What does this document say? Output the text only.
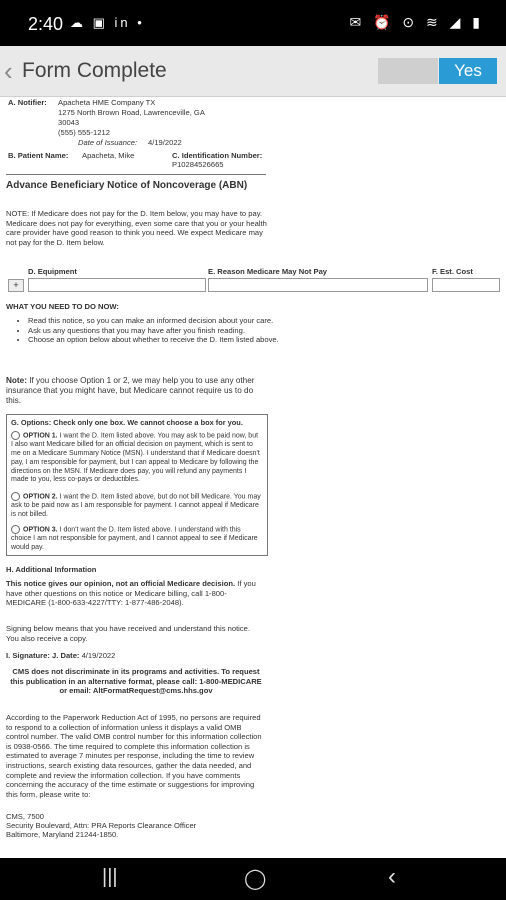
2:40 ☁ ▣ in •	✉ ⏰ ⊙ ≋ ◢ ▮
‹ Form Complete	Yes
A. Notifier: Apacheta HME Company TX
1275 North Brown Road, Lawrenceville, GA
30043
(555) 555-1212
Date of Issuance: 4/19/2022
B. Patient Name: Apacheta, Mike	C. Identification Number:
P10284526665
Advance Beneficiary Notice of Noncoverage (ABN)
NOTE: If Medicare does not pay for the D. Item below, you may have to pay. Medicare does not pay for everything, even some care that you or your health care provider have good reason to think you need. We expect Medicare may not pay for the D. Item below.
D. Equipment	E. Reason Medicare May Not Pay	F. Est. Cost
+
WHAT YOU NEED TO DO NOW:
• Read this notice, so you can make an informed decision about your care.
• Ask us any questions that you may have after you finish reading.
• Choose an option below about whether to receive the D. Item listed above.
Note: If you choose Option 1 or 2, we may help you to use any other insurance that you might have, but Medicare cannot require us to do this.
G. Options: Check only one box. We cannot choose a box for you.
OPTION 1. I want the D. Item listed above. You may ask to be paid now, but I also want Medicare billed for an official decision on payment, which is sent to me on a Medicare Summary Notice (MSN). I understand that if Medicare doesn't pay, I am responsible for payment, but I can appeal to Medicare by following the directions on the MSN. If Medicare does pay, you will refund any payments I made to you, less co-pays or deductibles.
OPTION 2. I want the D. Item listed above, but do not bill Medicare. You may ask to be paid now as I am responsible for payment. I cannot appeal if Medicare is not billed.
OPTION 3. I don't want the D. Item listed above. I understand with this choice I am not responsible for payment, and I cannot appeal to see if Medicare would pay.
H. Additional Information
This notice gives our opinion, not an official Medicare decision. If you have other questions on this notice or Medicare billing, call 1-800-MEDICARE (1-800-633-4227/TTY: 1-877-486-2048).
Signing below means that you have received and understand this notice. You also receive a copy.
I. Signature: J. Date: 4/19/2022
CMS does not discriminate in its programs and activities. To request this publication in an alternative format, please call: 1-800-MEDICARE or email: AltFormatRequest@cms.hhs.gov
According to the Paperwork Reduction Act of 1995, no persons are required to respond to a collection of information unless it displays a valid OMB control number. The valid OMB control number for this information collection is 0938-0566. The time required to complete this information collection is estimated to average 7 minutes per response, including the time to review instructions, search existing data resources, gather the data needed, and complete and review the information collection. If you have comments concerning the accuracy of the time estimate or suggestions for improving this form, please write to:
CMS, 7500
Security Boulevard, Attn: PRA Reports Clearance Officer
Baltimore, Maryland 21244-1850.
|||	◯	‹
